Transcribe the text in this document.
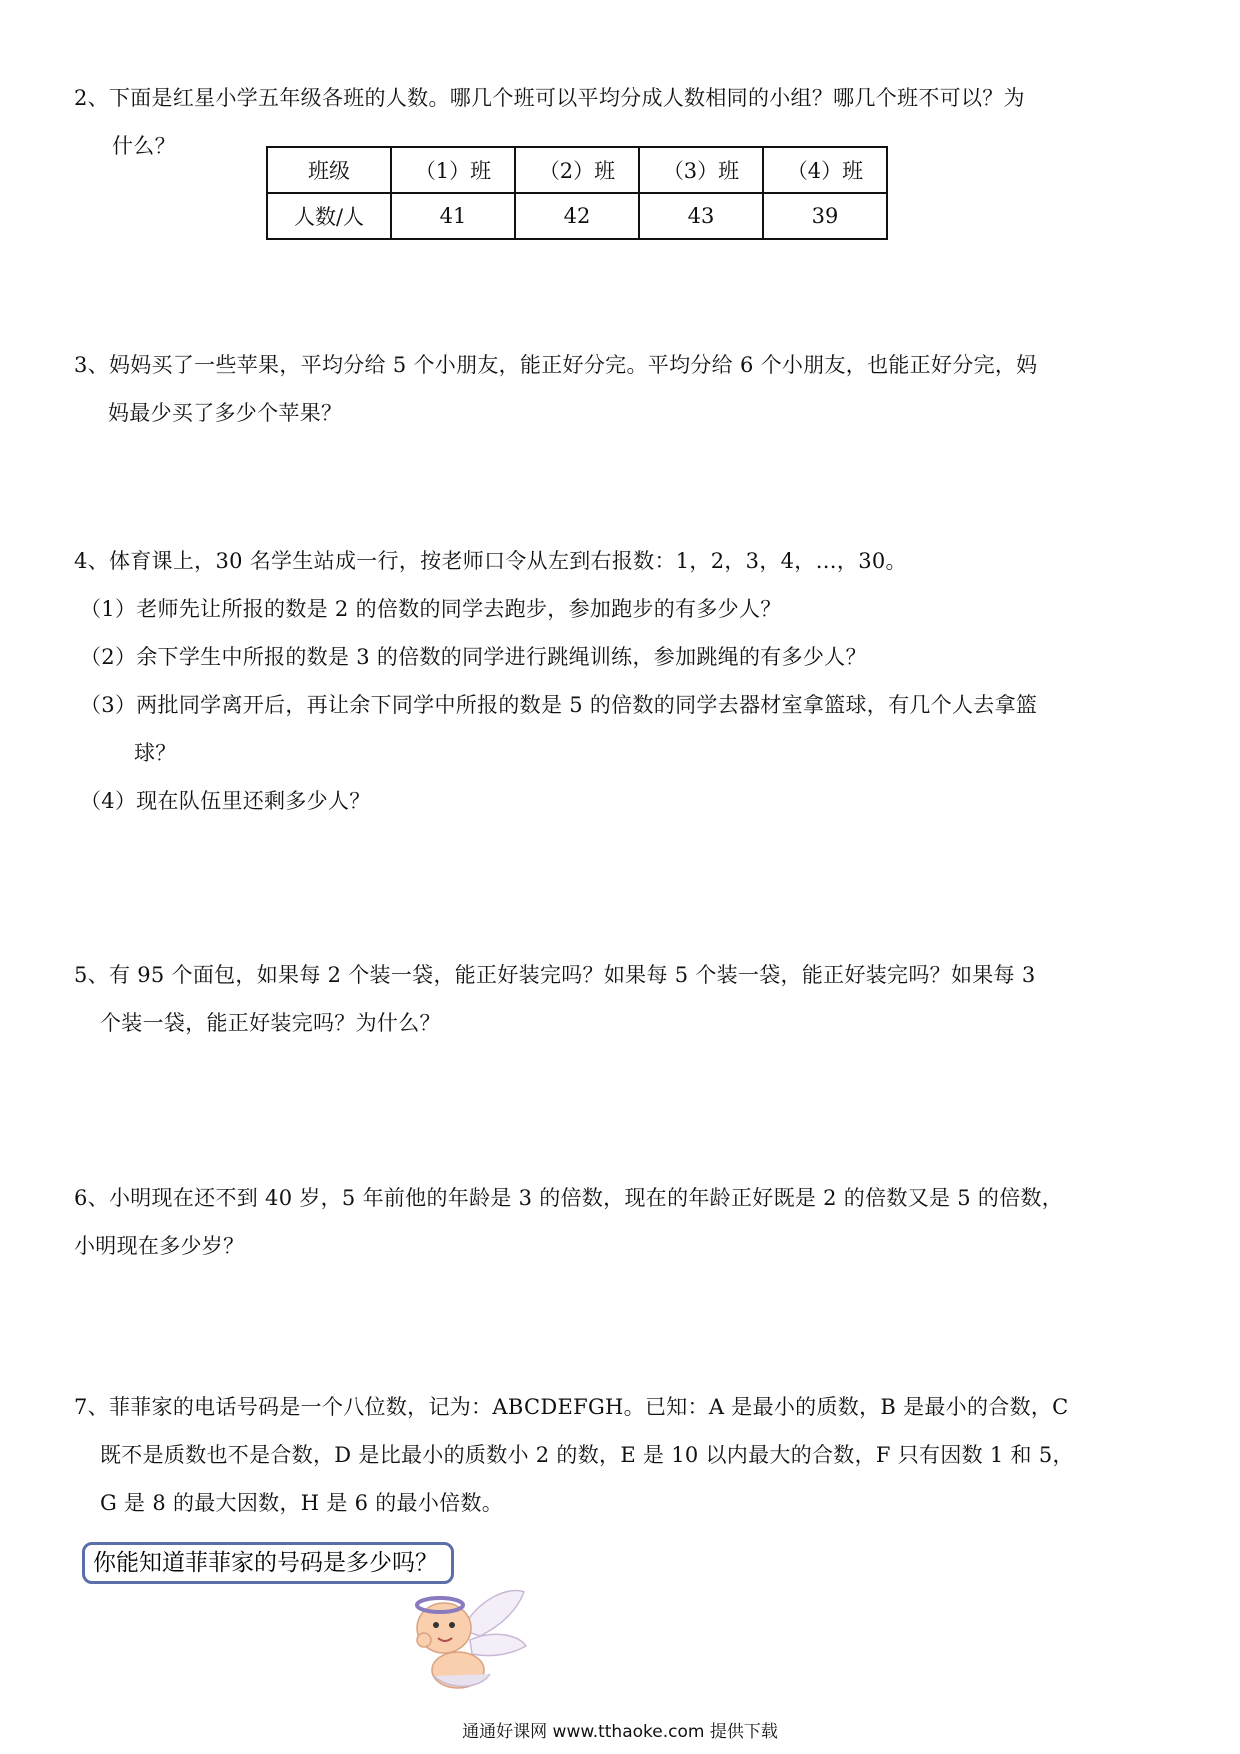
2、下面是红星小学五年级各班的人数。哪几个班可以平均分成人数相同的小组？哪几个班不可以？为
什么？
班级	（1）班	（2）班	（3）班	（4）班
人数/人	41	42	43	39
3、妈妈买了一些苹果，平均分给 5 个小朋友，能正好分完。平均分给 6 个小朋友，也能正好分完，妈
妈最少买了多少个苹果？
4、体育课上，30 名学生站成一行，按老师口令从左到右报数：1，2，3，4，…，30。
（1）老师先让所报的数是 2 的倍数的同学去跑步，参加跑步的有多少人？
（2）余下学生中所报的数是 3 的倍数的同学进行跳绳训练，参加跳绳的有多少人？
（3）两批同学离开后，再让余下同学中所报的数是 5 的倍数的同学去器材室拿篮球，有几个人去拿篮
球？
（4）现在队伍里还剩多少人？
5、有 95 个面包，如果每 2 个装一袋，能正好装完吗？如果每 5 个装一袋，能正好装完吗？如果每 3
个装一袋，能正好装完吗？为什么？
6、小明现在还不到 40 岁，5 年前他的年龄是 3 的倍数，现在的年龄正好既是 2 的倍数又是 5 的倍数，
小明现在多少岁？
7、菲菲家的电话号码是一个八位数，记为：ABCDEFGH。已知：A 是最小的质数，B 是最小的合数，C
既不是质数也不是合数，D 是比最小的质数小 2 的数，E 是 10 以内最大的合数，F 只有因数 1 和 5，
G 是 8 的最大因数，H 是 6 的最小倍数。
你能知道菲菲家的号码是多少吗？
通通好课网 www.tthaoke.com 提供下载
